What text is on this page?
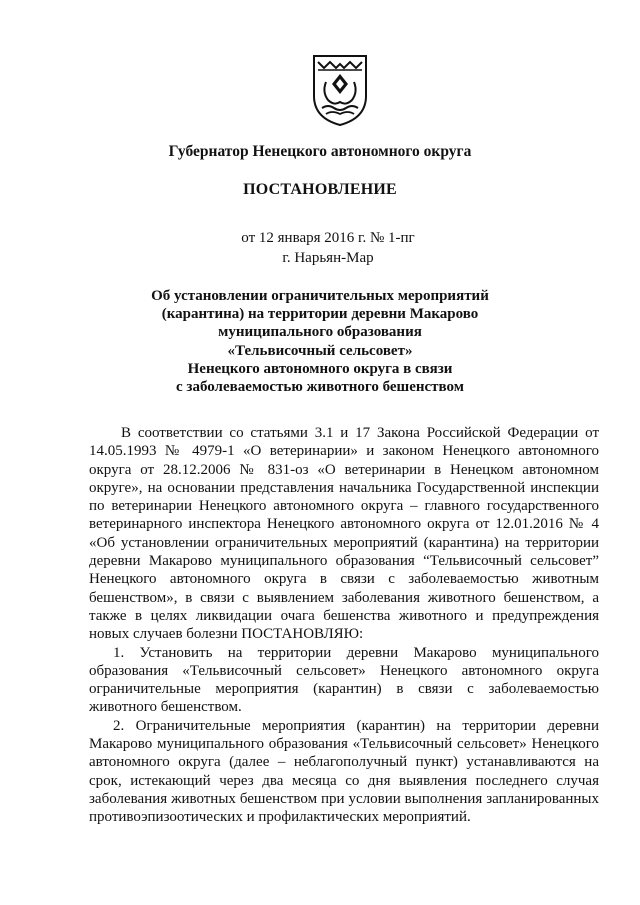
Губернатор Ненецкого автономного округа
ПОСТАНОВЛЕНИЕ
от 12 января 2016 г. № 1-пг
г. Нарьян-Мар
Об установлении ограничительных мероприятий
(карантина) на территории деревни Макарово
муниципального образования
«Тельвисочный сельсовет»
Ненецкого автономного округа в связи
с заболеваемостью животного бешенством

В соответствии со статьями 3.1 и 17 Закона Российской Федерации от 14.05.1993 № 4979-1 «О ветеринарии» и законом Ненецкого автономного округа от 28.12.2006 № 831-оз «О ветеринарии в Ненецком автономном округе», на основании представления начальника Государственной инспекции по ветеринарии Ненецкого автономного округа – главного государственного ветеринарного инспектора Ненецкого автономного округа от 12.01.2016 № 4 «Об установлении ограничительных мероприятий (карантина) на территории деревни Макарово муниципального образования “Тельвисочный сельсовет” Ненецкого автономного округа в связи с заболеваемостью животным бешенством», в связи с выявлением заболевания животного бешенством, а также в целях ликвидации очага бешенства животного и предупреждения новых случаев болезни ПОСТАНОВЛЯЮ:

1. Установить на территории деревни Макарово муниципального образования «Тельвисочный сельсовет» Ненецкого автономного округа ограничительные мероприятия (карантин) в связи с заболеваемостью животного бешенством.

2. Ограничительные мероприятия (карантин) на территории деревни Макарово муниципального образования «Тельвисочный сельсовет» Ненецкого автономного округа (далее – неблагополучный пункт) устанавливаются на срок, истекающий через два месяца со дня выявления последнего случая заболевания животных бешенством при условии выполнения запланированных противоэпизоотических и профилактических мероприятий.
